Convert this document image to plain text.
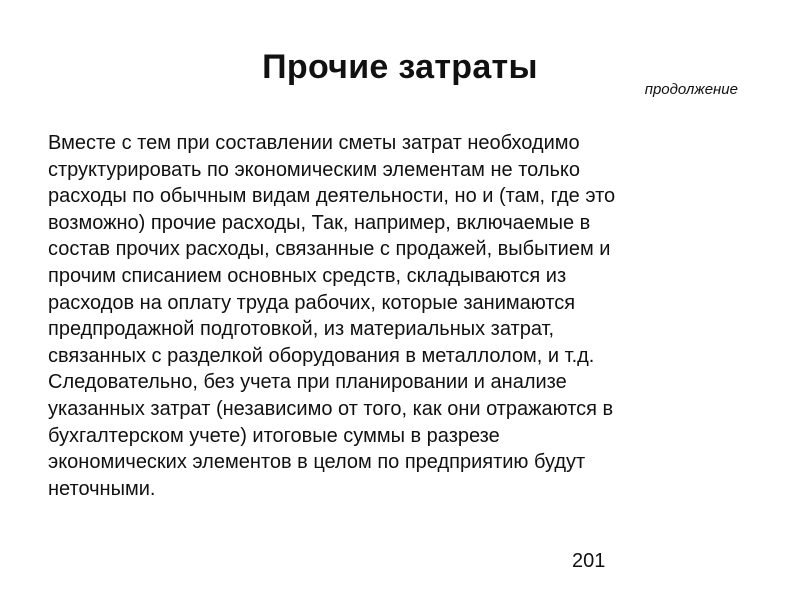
Прочие затраты
продолжение

Вместе с тем при составлении сметы затрат необходимо
структурировать по экономическим элементам не только
расходы по обычным видам деятельности, но и (там, где это
возможно) прочие расходы, Так, например, включаемые в
состав прочих расходы, связанные с продажей, выбытием и
прочим списанием основных средств, складываются из
расходов на оплату труда рабочих, которые занимаются
предпродажной подготовкой, из материальных затрат,
связанных с разделкой оборудования в металлолом, и т.д.
Следовательно, без учета при планировании и анализе
указанных затрат (независимо от того, как они отражаются в
бухгалтерском учете) итоговые суммы в разрезе
экономических элементов в целом по предприятию будут
неточными.

201
